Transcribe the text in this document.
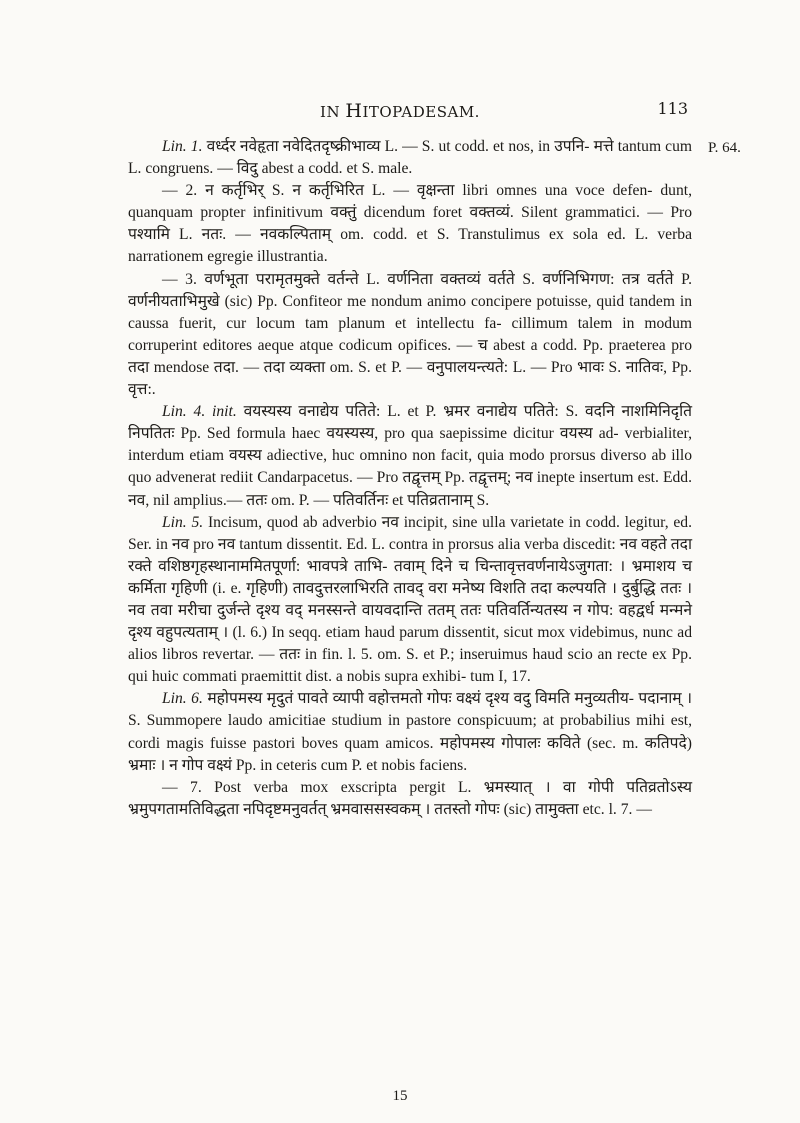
IN HITOPADESAM.	113
P. 64.

Lin. 1. वर्ध्दर नवेहृता नवेदितदृष्क्रीभाव्य L. — S. ut codd. et nos, in उपनि- मत्ते tantum cum L. congruens. — विदु abest a codd. et S. male.

— 2. न कर्तृभिर् S. न कर्तृभिरित L. — वृक्षन्ता libri omnes una voce defen- dunt, quanquam propter infinitivum वक्तुं dicendum foret वक्तव्यं. Silent grammatici. — Pro पश्यामि L. नतः. — नवकल्पिताम् om. codd. et S. Transtulimus ex sola ed. L. verba narrationem egregie illustrantia.

— 3. वर्णभूता परामृतमुक्ते वर्तन्ते L. वर्णनिता वक्तव्यं वर्तते S. वर्णनिभिगण: तत्र वर्तते P. वर्णनीयताभिमुखे (sic) Pp. Confiteor me nondum animo concipere potuisse, quid tandem in caussa fuerit, cur locum tam planum et intellectu fa- cillimum talem in modum corruperint editores aeque atque codicum opifices. — च abest a codd. Pp. praeterea pro तदा mendose तदा. — तदा व्यक्ता om. S. et P. — वनुपालयन्त्यते: L. — Pro भावः S. नातिवः, Pp. वृत्त:.

Lin. 4. init. वयस्यस्य वनाद्येय पतिते: L. et P. भ्रमर वनाद्येय पतिते: S. वदनि नाशमिनिदृति निपतितः Pp. Sed formula haec वयस्यस्य, pro qua saepissime dicitur वयस्य ad- verbialiter, interdum etiam वयस्य adiective, huc omnino non facit, quia modo prorsus diverso ab illo quo advenerat rediit Candarpacetus. — Pro तद्वृत्तम् Pp. तद्वृत्तम्; नव inepte insertum est. Edd. नव, nil amplius.— ततः om. P. — पतिवर्तिनः et पतिव्रतानाम् S.

Lin. 5. Incisum, quod ab adverbio नव incipit, sine ulla varietate in codd. legitur, ed. Ser. in नव pro नव tantum dissentit. Ed. L. contra in prorsus alia verba discedit: नव वहते तदा रक्ते वशिष्ठगृहस्थानाममितपूर्णा: भावपत्रे ताभि- तवाम् दिने च चिन्तावृत्तवर्णनायेऽजुगता: । भ्रमाशय च कर्मिता गृहिणी (i. e. गृहिणी) तावदुत्तरलाभिरति तावद् वरा मनेष्य विशति तदा कल्पयति । दुर्बुद्धि ततः । नव तवा मरीचा दुर्जन्ते दृश्य वद् मनस्सन्ते वायवदान्ति ततम् ततः पतिवर्तिन्यतस्य न गोप: वहद्वर्ध मन्मने दृश्य वहुपत्यताम् । (l. 6.) In seqq. etiam haud parum dissentit, sicut mox videbimus, nunc ad alios libros revertar. — ततः in fin. l. 5. om. S. et P.; inseruimus haud scio an recte ex Pp. qui huic commati praemittit dist. a nobis supra exhibi- tum I, 17.

Lin. 6. महोपमस्य मृदुतं पावते व्यापी वहोत्तमतो गोपः वक्ष्यं दृश्य वदु विमति मनुव्यतीय- पदानाम् । S. Summopere laudo amicitiae studium in pastore conspicuum; at probabilius mihi est, cordi magis fuisse pastori boves quam amicos. महोपमस्य गोपालः कविते (sec. m. कतिपदे) भ्रमाः । न गोप वक्ष्यं Pp. in ceteris cum P. et nobis faciens.

— 7. Post verba mox exscripta pergit L. भ्रमस्यात् । वा गोपी पतिव्रतोऽस्य भ्रमुपगतामतिविद्धता नपिदृष्टमनुवर्तत् भ्रमवाससस्वकम् । ततस्तो गोपः (sic) तामुक्ता etc. l. 7. —

15
